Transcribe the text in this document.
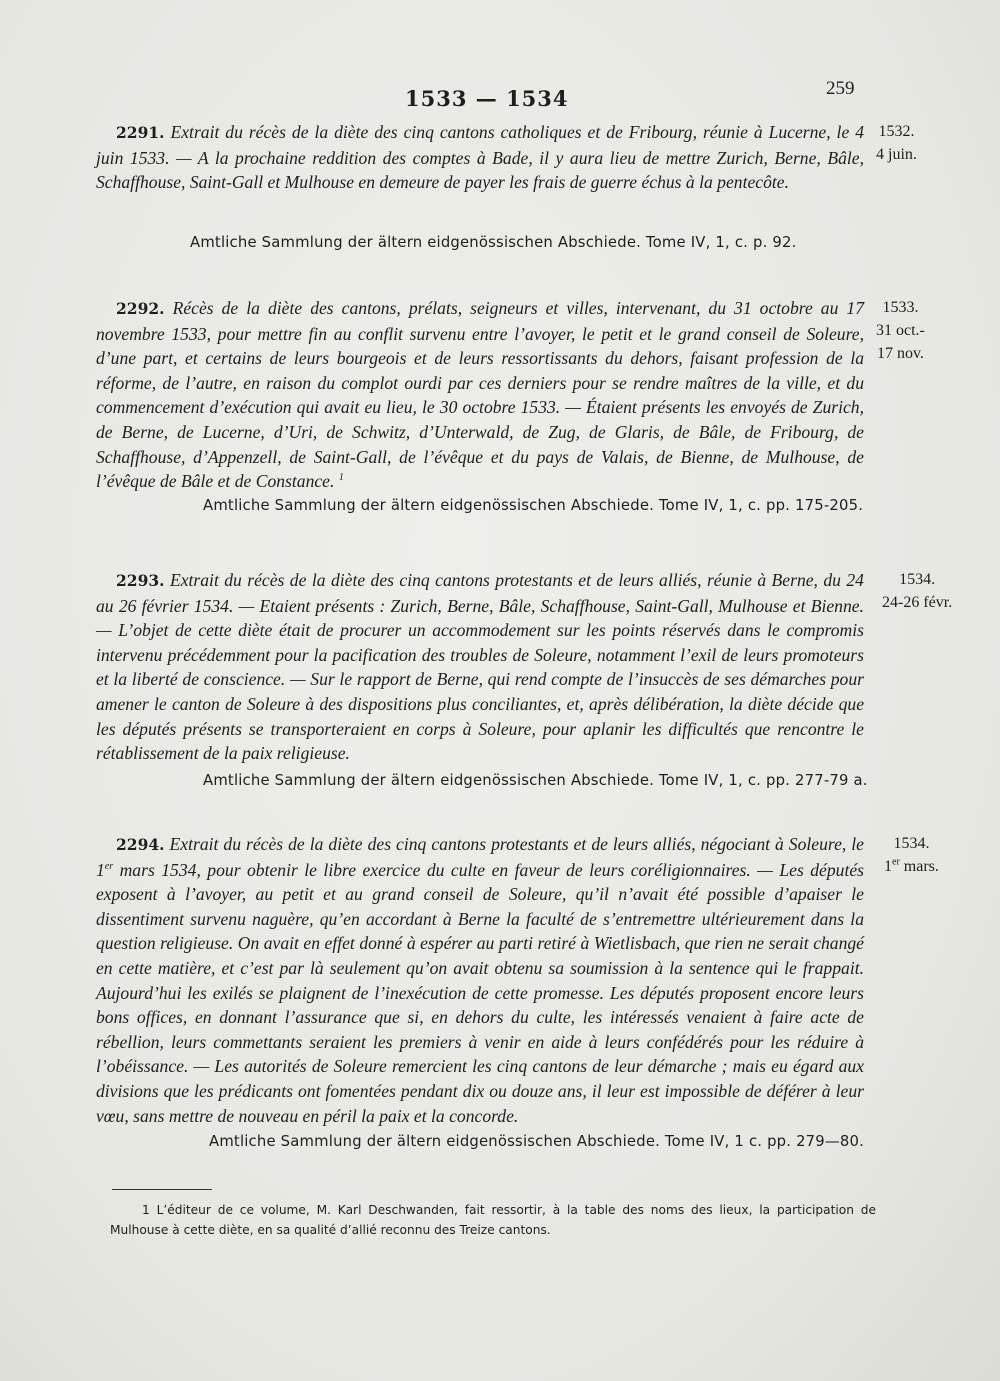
1533 — 1534	259
2291. Extrait du récès de la diète des cinq cantons catholiques et de Fribourg, réunie à Lucerne, le 4 juin 1533. — A la prochaine reddition des comptes à Bade, il y aura lieu de mettre Zurich, Berne, Bâle, Schaffhouse, Saint-Gall et Mulhouse en demeure de payer les frais de guerre échus à la pentecôte.
Amtliche Sammlung der ältern eidgenössischen Abschiede. Tome IV, 1, c. p. 92.
1532.
4 juin.
2292. Récès de la diète des cantons, prélats, seigneurs et villes, intervenant, du 31 octobre au 17 novembre 1533, pour mettre fin au conflit survenu entre l’avoyer, le petit et le grand conseil de Soleure, d’une part, et certains de leurs bourgeois et de leurs ressortissants du dehors, faisant profession de la réforme, de l’autre, en raison du complot ourdi par ces derniers pour se rendre maîtres de la ville, et du commencement d’exécution qui avait eu lieu, le 30 octobre 1533. — Étaient présents les envoyés de Zurich, de Berne, de Lucerne, d’Uri, de Schwitz, d’Unterwald, de Zug, de Glaris, de Bâle, de Fribourg, de Schaffhouse, d’Appenzell, de Saint-Gall, de l’évêque et du pays de Valais, de Bienne, de Mulhouse, de l’évêque de Bâle et de Constance. $^1$
Amtliche Sammlung der ältern eidgenössischen Abschiede. Tome IV, 1, c. pp. 175-205.
1533.
31 oct.-
17 nov.
2293. Extrait du récès de la diète des cinq cantons protestants et de leurs alliés, réunie à Berne, du 24 au 26 février 1534. — Etaient présents : Zurich, Berne, Bâle, Schaffhouse, Saint-Gall, Mulhouse et Bienne. — L’objet de cette diète était de procurer un accommodement sur les points réservés dans le compromis intervenu précédemment pour la pacification des troubles de Soleure, notamment l’exil de leurs promoteurs et la liberté de conscience. — Sur le rapport de Berne, qui rend compte de l’insuccès de ses démarches pour amener le canton de Soleure à des dispositions plus conciliantes, et, après délibération, la diète décide que les députés présents se transporteraient en corps à Soleure, pour aplanir les difficultés que rencontre le rétablissement de la paix religieuse.
Amtliche Sammlung der ältern eidgenössischen Abschiede. Tome IV, 1, c. pp. 277-79 a.
1534.
24-26 févr.
2294. Extrait du récès de la diète des cinq cantons protestants et de leurs alliés, négociant à Soleure, le 1er mars 1534, pour obtenir le libre exercice du culte en faveur de leurs coréligionnaires. — Les députés exposent à l’avoyer, au petit et au grand conseil de Soleure, qu’il n’avait été possible d’apaiser le dissentiment survenu naguère, qu’en accordant à Berne la faculté de s’entremettre ultérieurement dans la question religieuse. On avait en effet donné à espérer au parti retiré à Wietlisbach, que rien ne serait changé en cette matière, et c’est par là seulement qu’on avait obtenu sa soumission à la sentence qui le frappait. Aujourd’hui les exilés se plaignent de l’inexécution de cette promesse. Les députés proposent encore leurs bons offices, en donnant l’assurance que si, en dehors du culte, les intéressés venaient à faire acte de rébellion, leurs commettants seraient les premiers à venir en aide à leurs confédérés pour les réduire à l’obéissance. — Les autorités de Soleure remercient les cinq cantons de leur démarche ; mais eu égard aux divisions que les prédicants ont fomentées pendant dix ou douze ans, il leur est impossible de déférer à leur vœu, sans mettre de nouveau en péril la paix et la concorde.
Amtliche Sammlung der ältern eidgenössischen Abschiede. Tome IV, 1 c. pp. 279—80.
1534.
1er mars.
1 L’éditeur de ce volume, M. Karl Deschwanden, fait ressortir, à la table des noms des lieux, la participation de Mulhouse à cette diète, en sa qualité d’allié reconnu des Treize cantons.
